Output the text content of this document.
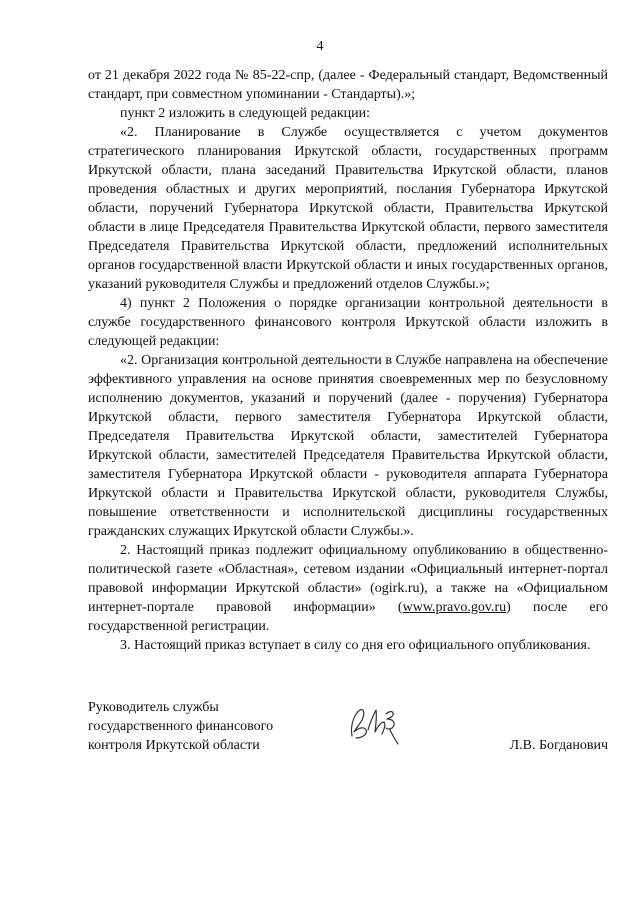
4

от 21 декабря 2022 года № 85-22-спр, (далее - Федеральный стандарт, Ведомственный стандарт, при совместном упоминании - Стандарты).»;

пункт 2 изложить в следующей редакции:

«2. Планирование в Службе осуществляется с учетом документов стратегического планирования Иркутской области, государственных программ Иркутской области, плана заседаний Правительства Иркутской области, планов проведения областных и других мероприятий, послания Губернатора Иркутской области, поручений Губернатора Иркутской области, Правительства Иркутской области в лице Председателя Правительства Иркутской области, первого заместителя Председателя Правительства Иркутской области, предложений исполнительных органов государственной власти Иркутской области и иных государственных органов, указаний руководителя Службы и предложений отделов Службы.»;

4) пункт 2 Положения о порядке организации контрольной деятельности в службе государственного финансового контроля Иркутской области изложить в следующей редакции:

«2. Организация контрольной деятельности в Службе направлена на обеспечение эффективного управления на основе принятия своевременных мер по безусловному исполнению документов, указаний и поручений (далее - поручения) Губернатора Иркутской области, первого заместителя Губернатора Иркутской области, Председателя Правительства Иркутской области, заместителей Губернатора Иркутской области, заместителей Председателя Правительства Иркутской области, заместителя Губернатора Иркутской области - руководителя аппарата Губернатора Иркутской области и Правительства Иркутской области, руководителя Службы, повышение ответственности и исполнительской дисциплины государственных гражданских служащих Иркутской области Службы.».

2. Настоящий приказ подлежит официальному опубликованию в общественно-политической газете «Областная», сетевом издании «Официальный интернет-портал правовой информации Иркутской области» (ogirk.ru), а также на «Официальном интернет-портале правовой информации» (www.pravo.gov.ru) после его государственной регистрации.

3. Настоящий приказ вступает в силу со дня его официального опубликования.

Руководитель службы
государственного финансового
контроля Иркутской области	Л.В. Богданович
